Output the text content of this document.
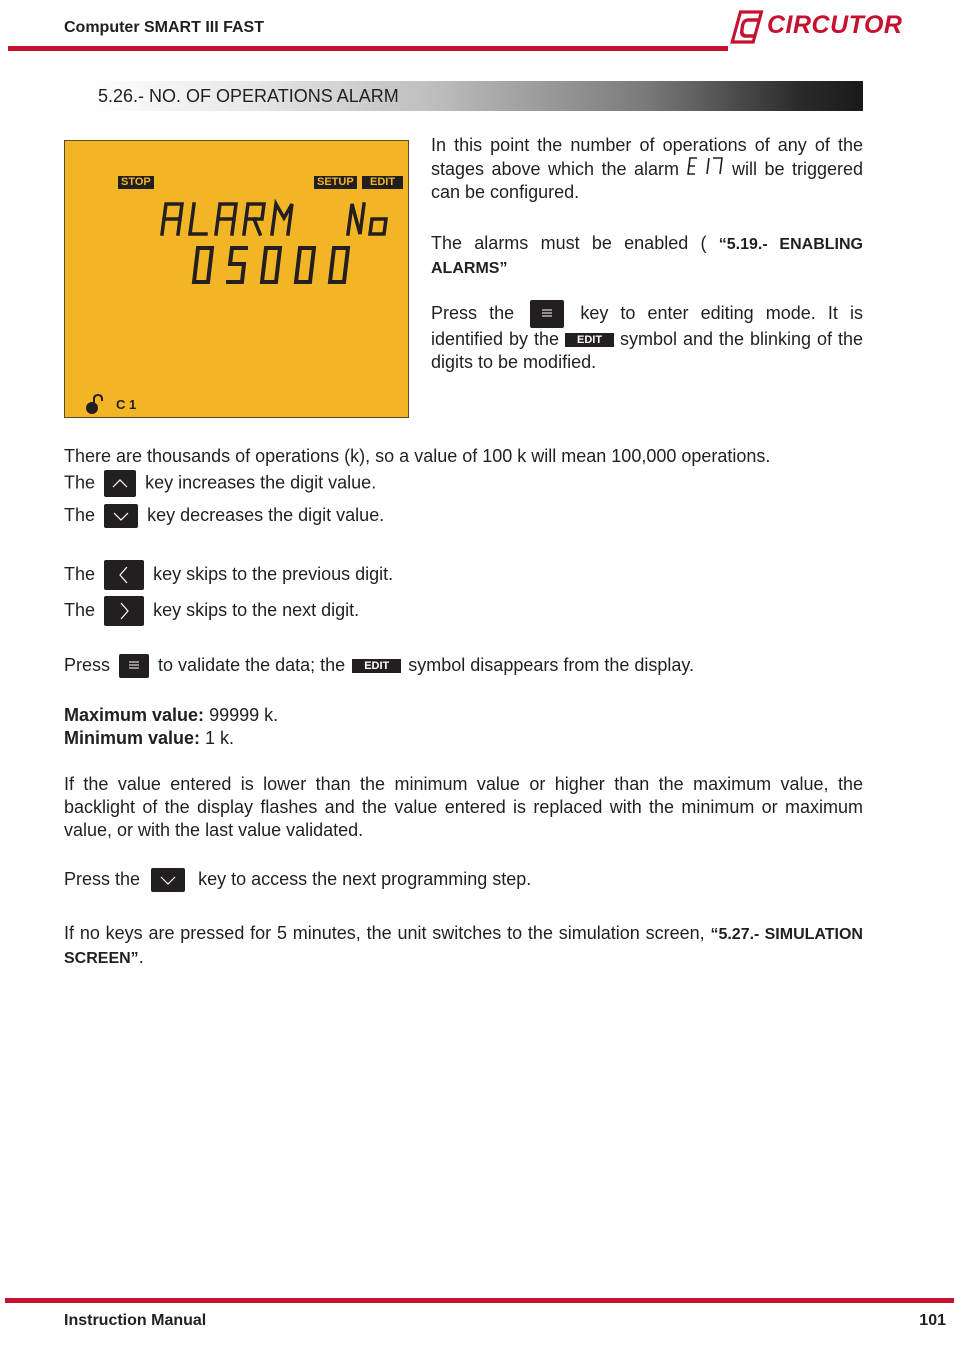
Computer SMART III FAST	CIRCUTOR
5.26.- NO. OF OPERATIONS ALARM
STOP	SETUP	EDIT
C 1
In this point the number of operations of any of the stages above which the alarm	will be triggered can be configured.
The alarms must be enabled ( “5.19.- ENABLING ALARMS”
Press the	key to enter editing mode. It is identified by the EDIT symbol and the blinking of the digits to be modified.
There are thousands of operations (k), so a value of 100 k will mean 100,000 operations.
The	key increases the digit value.
The	key decreases the digit value.
The	key skips to the previous digit.
The	key skips to the next digit.
Press	to validate the data; the EDIT symbol disappears from the display.
Maximum value: 99999 k.
Minimum value: 1 k.
If the value entered is lower than the minimum value or higher than the maximum value, the backlight of the display flashes and the value entered is replaced with the minimum or maximum value, or with the last value validated.
Press the	key to access the next programming step.
If no keys are pressed for 5 minutes, the unit switches to the simulation screen, “5.27.- SIMULATION SCREEN”.
Instruction Manual	101
